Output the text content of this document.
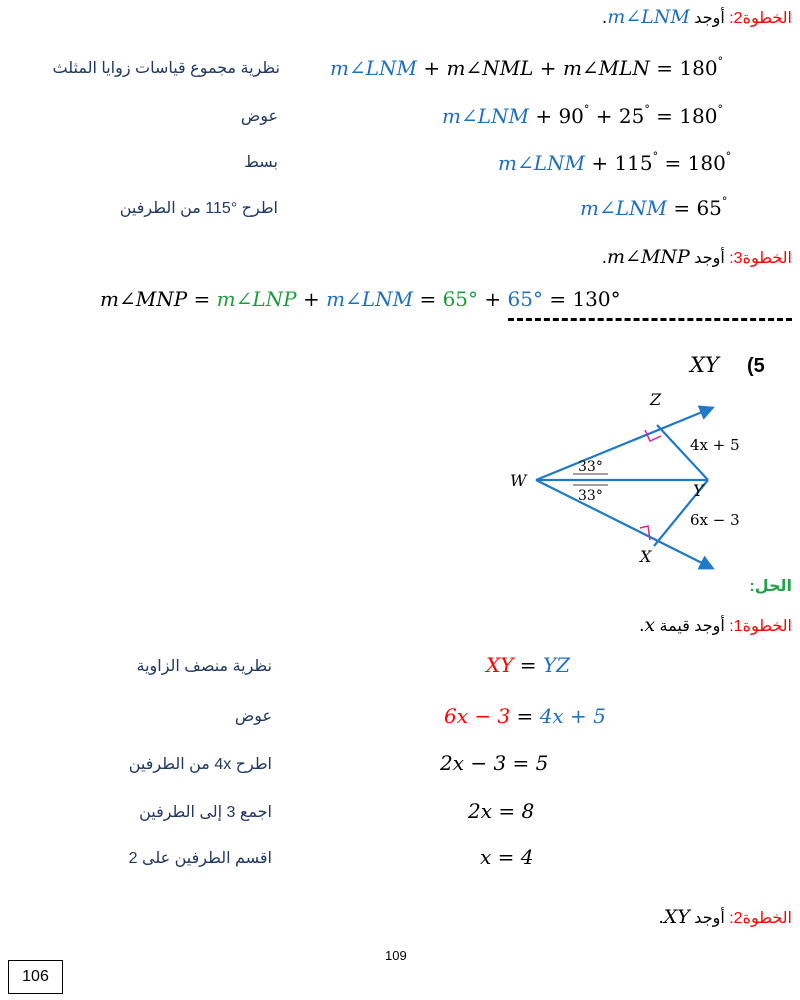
الخطوة2: أوجد m∠LNM.
نظرية مجموع قياسات زوايا المثلث	m∠LNM + m∠NML + m∠MLN = 180°
عوض	m∠LNM + 90° + 25° = 180°
بسط	m∠LNM + 115° = 180°
اطرح °115 من الطرفين	m∠LNM = 65°
الخطوة3: أوجد m∠MNP.
m∠MNP = m∠LNP + m∠LNM = 65° + 65° = 130°
(5
XY
W
Z
Y
X
33°
33°
4x + 5
6x − 3
الحل:
الخطوة1: أوجد قيمة x.
نظرية منصف الزاوية	XY = YZ
عوض	6x − 3 = 4x + 5
اطرح 4x من الطرفين	2x − 3 = 5
اجمع 3 إلى الطرفين	2x = 8
اقسم الطرفين على 2	x = 4
الخطوة2: أوجد XY.
109
106
